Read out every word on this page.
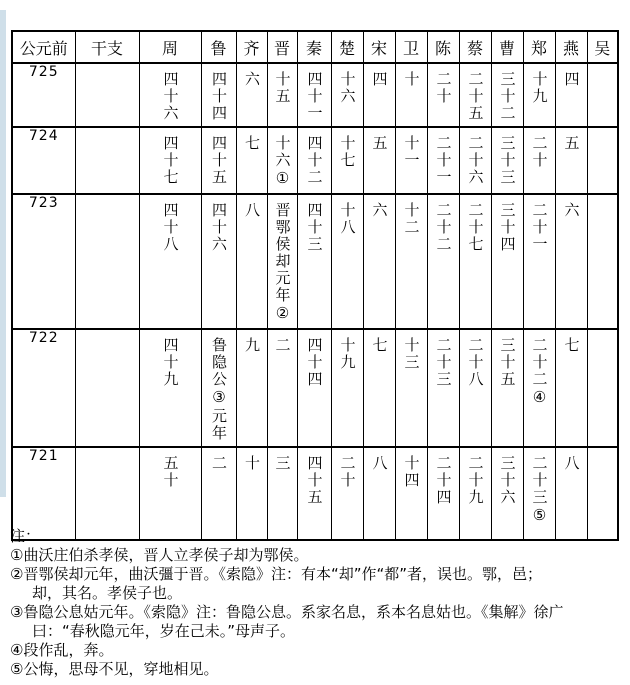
公元前	干支	周	鲁	齐	晋	秦	楚	宋	卫	陈	蔡	曹	郑	燕	吴
725		四十六	四十四	六	十五	四十一	十六	四	十	二十	二十五	三十二	十九	四	
724		四十七	四十五	七	十六①	四十二	十七	五	十一	二十一	二十六	三十三	二十	五	
723		四十八	四十六	八	晋鄂侯却元年②	四十三	十八	六	十二	二十二	二十七	三十四	二十一	六	
722		四十九	鲁隐公③元年	九	二	四十四	十九	七	十三	二十三	二十八	三十五	二十二④	七	
721		五十	二	十	三	四十五	二十	八	十四	二十四	二十九	三十六	二十三⑤	八	
注：
①曲沃庄伯杀孝侯，晋人立孝侯子却为鄂侯。
②晋鄂侯却元年，曲沃彊于晋。《索隐》注：有本“却”作“都”者，误也。鄂，邑；
却，其名。孝侯子也。
③鲁隐公息姑元年。《索隐》注：鲁隐公息。系家名息，系本名息姑也。《集解》徐广
曰：“春秋隐元年，岁在己未。”母声子。
④段作乱，奔。
⑤公悔，思母不见，穿地相见。
